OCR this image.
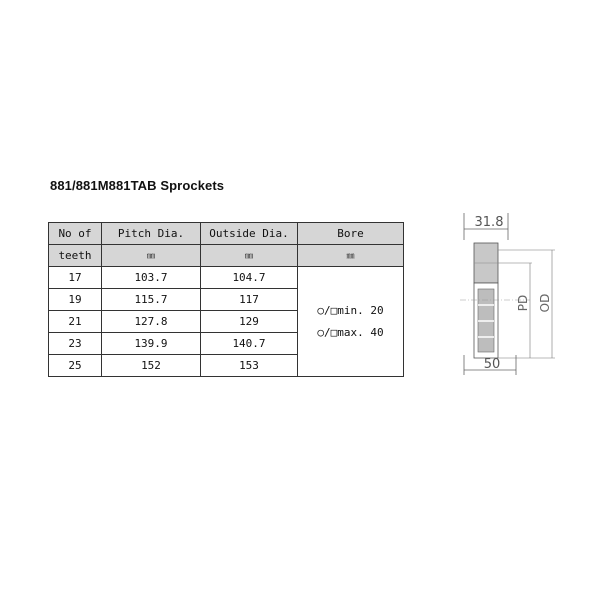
881/881M881TAB Sprockets
No of	Pitch Dia.	Outside Dia.	Bore
teeth	㎜	㎜	㎜
17	103.7	104.7	○/□min. 20
○/□max. 40

19	115.7	117	
21	127.8	129	
23	139.9	140.7	
25	152	153	
31.8
PD OD
50
